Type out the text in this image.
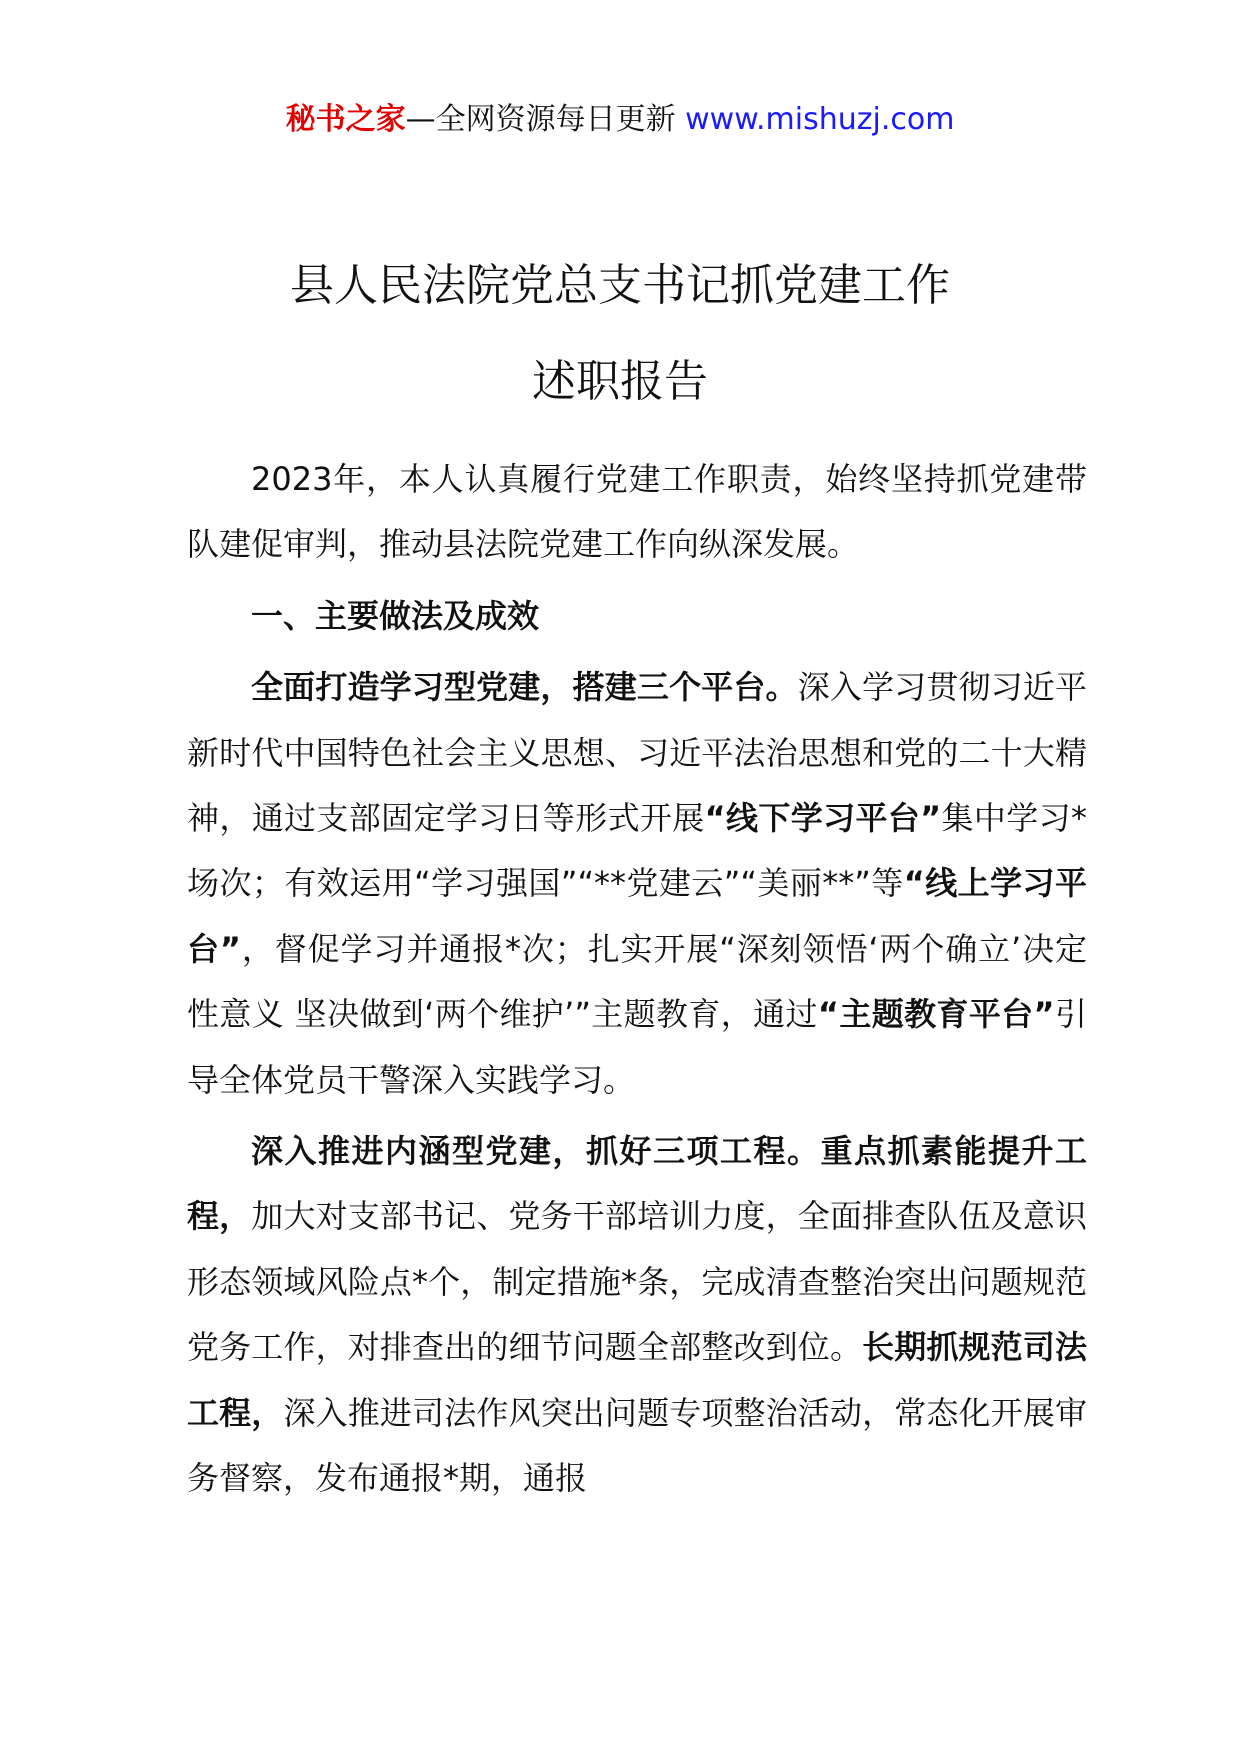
秘书之家—全网资源每日更新 www.mishuzj.com
县人民法院党总支书记抓党建工作
述职报告

2023年，本人认真履行党建工作职责，始终坚持抓党建带队建促审判，推动县法院党建工作向纵深发展。

一、主要做法及成效

全面打造学习型党建，搭建三个平台。深入学习贯彻习近平新时代中国特色社会主义思想、习近平法治思想和党的二十大精神，通过支部固定学习日等形式开展“线下学习平台”集中学习*场次；有效运用“学习强国”“**党建云”“美丽**”等“线上学习平台”，督促学习并通报*次；扎实开展“深刻领悟‘两个确立’决定性意义 坚决做到‘两个维护’”主题教育，通过“主题教育平台”引导全体党员干警深入实践学习。

深入推进内涵型党建，抓好三项工程。重点抓素能提升工程，加大对支部书记、党务干部培训力度，全面排查队伍及意识形态领域风险点*个，制定措施*条，完成清查整治突出问题规范党务工作，对排查出的细节问题全部整改到位。长期抓规范司法工程，深入推进司法作风突出问题专项整治活动，常态化开展审务督察，发布通报*期，通报
